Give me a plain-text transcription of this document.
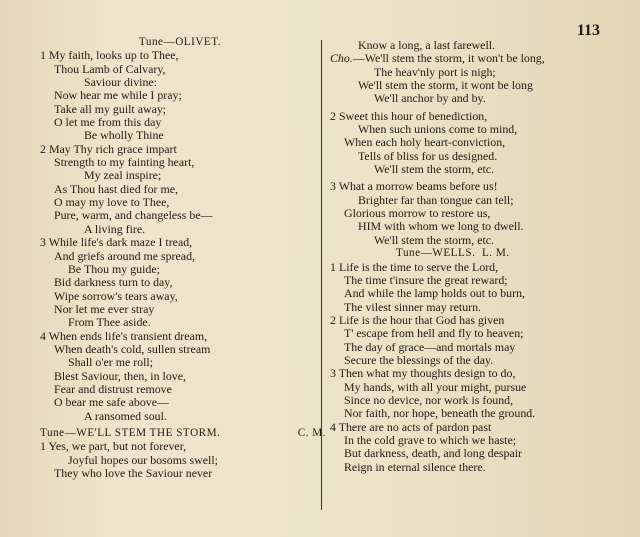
113
Tune—OLIVET.
1 My faith, looks up to Thee,
Thou Lamb of Calvary,
Saviour divine:
Now hear me while I pray;
Take all my guilt away;
O let me from this day
Be wholly Thine
2 May Thy rich grace impart
Strength to my fainting heart,
My zeal inspire;
As Thou hast died for me,
O may my love to Thee,
Pure, warm, and changeless be—
A living fire.
3 While life's dark maze I tread,
And griefs around me spread,
Be Thou my guide;
Bid darkness turn to day,
Wipe sorrow's tears away,
Nor let me ever stray
From Thee aside.
4 When ends life's transient dream,
When death's cold, sullen stream
Shall o'er me roll;
Blest Saviour, then, in love,
Fear and distrust remove
O bear me safe above—
A ransomed soul.
Tune—WE'LL STEM THE STORM.	C. M.
1 Yes, we part, but not forever,
Joyful hopes our bosoms swell;
They who love the Saviour never
Know a long, a last farewell.
Cho.—We'll stem the storm, it won't be long,
The heav'nly port is nigh;
We'll stem the storm, it wont be long
We'll anchor by and by.
2 Sweet this hour of benediction,
When such unions come to mind,
When each holy heart-conviction,
Tells of bliss for us designed.
We'll stem the storm, etc.
3 What a morrow beams before us!
Brighter far than tongue can tell;
Glorious morrow to restore us,
HIM with whom we long to dwell.
We'll stem the storm, etc.
Tune—WELLS. L. M.
1 Life is the time to serve the Lord,
The time t'insure the great reward;
And while the lamp holds out to burn,
The vilest sinner may return.
2 Life is the hour that God has given
T' escape from hell and fly to heaven;
The day of grace—and mortals may
Secure the blessings of the day.
3 Then what my thoughts design to do,
My hands, with all your might, pursue
Since no device, nor work is found,
Nor faith, nor hope, beneath the ground.
4 There are no acts of pardon past
In the cold grave to which we haste;
But darkness, death, and long despair
Reign in eternal silence there.
